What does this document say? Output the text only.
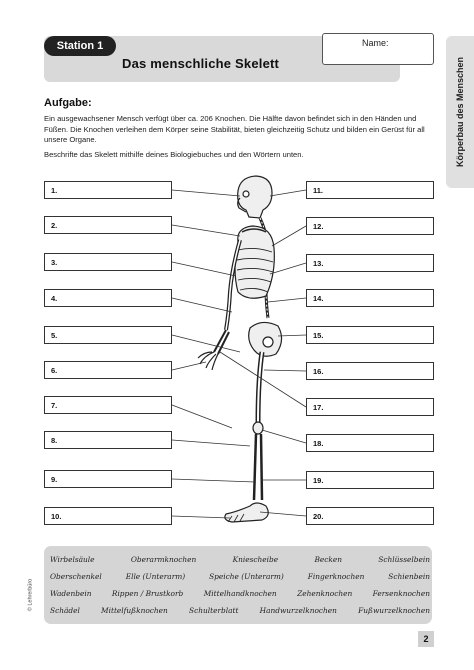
Station 1
Das menschliche Skelett
Name:
Körperbau des Menschen
Aufgabe:
Ein ausgewachsener Mensch verfügt über ca. 206 Knochen. Die Hälfte davon befindet sich in den Händen und Füßen. Die Knochen verleihen dem Körper seine Stabilität, bieten gleichzeitig Schutz und bilden ein Gerüst für all unsere Organe.
Beschrifte das Skelett mithilfe deines Biologiebuches und den Wörtern unten.
1.
2.
3.
4.
5.
6.
7.
8.
9.
10.
11.
12.
13.
14.
15.
16.
17.
18.
19.
20.
Wirbelsäule	Oberarmknochen	Kniescheibe	Becken	Schlüsselbein
Oberschenkel	Elle (Unterarm)	Speiche (Unterarm)	Fingerknochen	Schienbein
Wadenbein	Rippen / Brustkorb	Mittelhandknochen	Zehenknochen	Fersenknochen
Schädel	Mittelfußknochen	Schulterblatt	Handwurzelknochen	Fußwurzelknochen
© Lehrerbüro
2
